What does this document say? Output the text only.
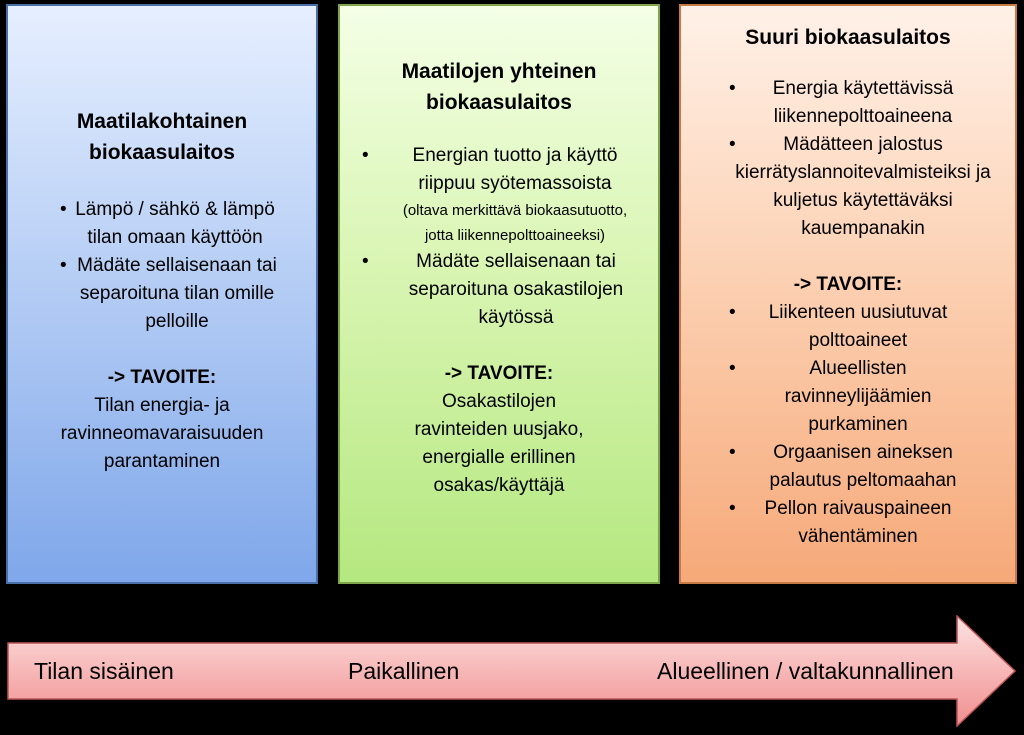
Maatilakohtainen biokaasulaitos

• Lämpö / sähkö & lämpö tilan omaan käyttöön
• Mädäte sellaisenaan tai separoituna tilan omille pelloille
-> TAVOITE:
Tilan energia- ja ravinneomavaraisuuden parantaminen

Maatilojen yhteinen biokaasulaitos

• Energian tuotto ja käyttö riippuu syötemassoista
(oltava merkittävä biokaasutuotto, jotta liikennepolttoaineeksi)
• Mädäte sellaisenaan tai separoituna osakastilojen käytössä
-> TAVOITE:
Osakastilojen ravinteiden uusjako, energialle erillinen osakas/käyttäjä

Suuri biokaasulaitos

• Energia käytettävissä liikennepolttoaineena
• Mädätteen jalostus kierrätyslannoitevalmisteiksi ja kuljetus käytettäväksi kauempanakin
-> TAVOITE:
• Liikenteen uusiutuvat polttoaineet
• Alueellisten ravinneylijäämien purkaminen
• Orgaanisen aineksen palautus peltomaahan
• Pellon raivauspaineen vähentäminen
Tilan sisäinen	Paikallinen	Alueellinen / valtakunnallinen
